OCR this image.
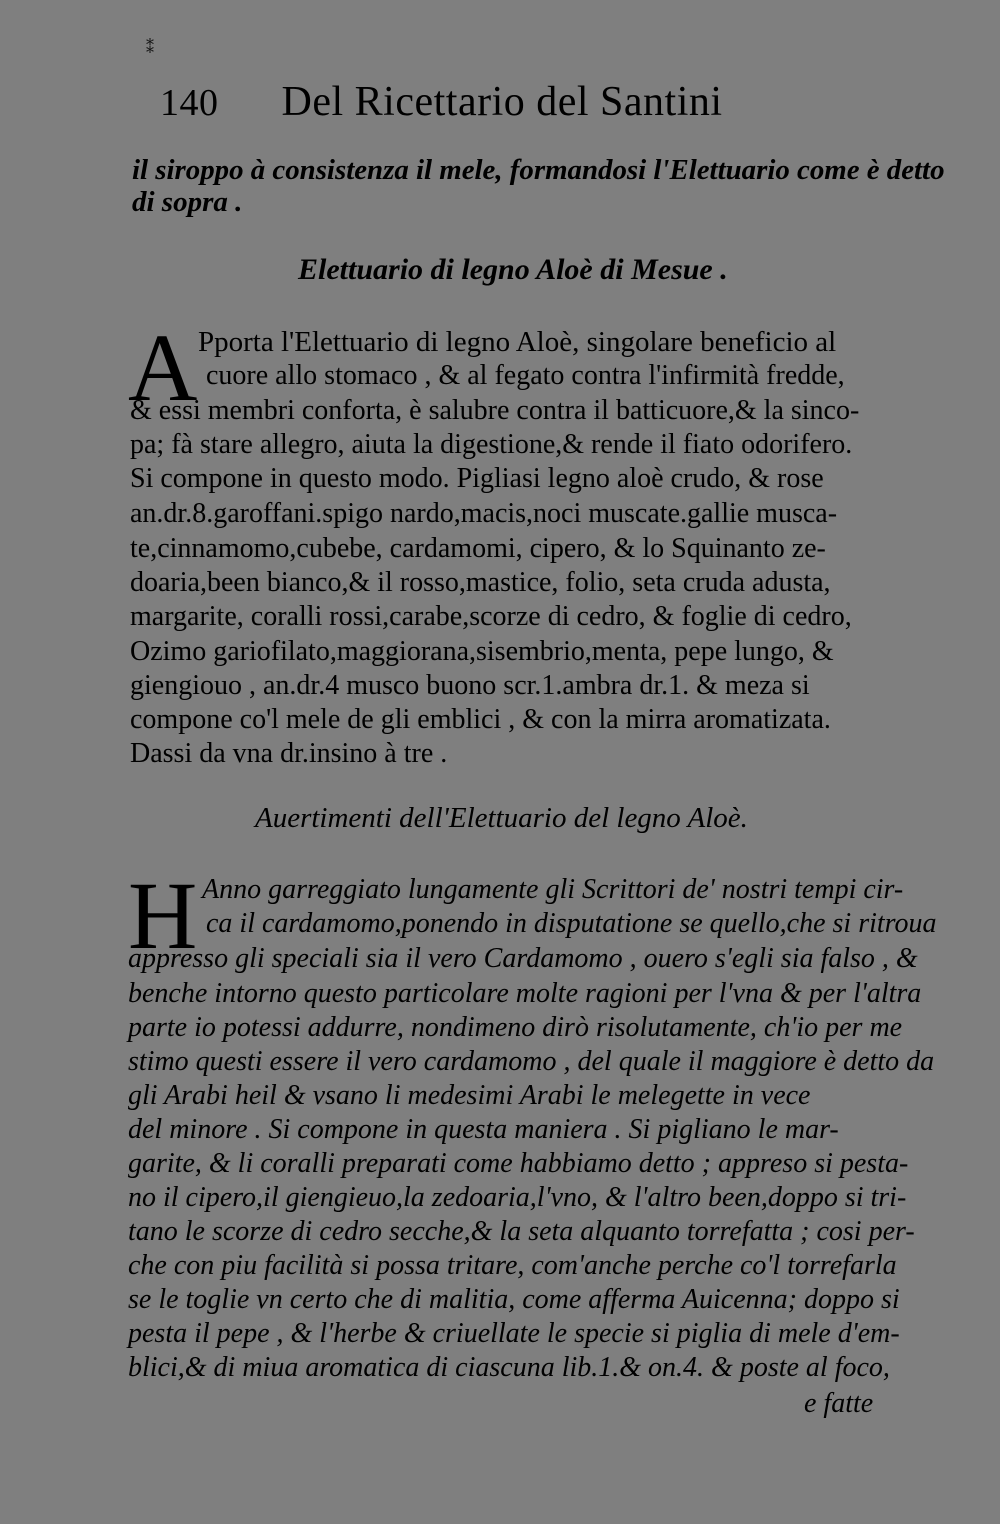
⁑
140 Del Ricettario del Santini
il siroppo à consistenza il mele, formandosi l'Elettuario come è detto
di sopra .
Elettuario di legno Aloè di Mesue .
A Pporta l'Elettuario di legno Aloè, singolare beneficio al
cuore allo stomaco , & al fegato contra l'infirmità fredde,
& essi membri conforta, è salubre contra il batticuore,& la sinco-
pa; fà stare allegro, aiuta la digestione,& rende il fiato odorifero.
Si compone in questo modo. Pigliasi legno aloè crudo, & rose
an.dr.8.garoffani.spigo nardo,macis,noci muscate.gallie musca-
te,cinnamomo,cubebe, cardamomi, cipero, & lo Squinanto zе-
doaria,been bianco,& il rosso,mastice, folio, seta cruda adusta,
margarite, coralli rossi,carabe,scorze di cedro, & foglie di cedro,
Ozimo gariofilato,maggiorana,sisembrio,menta, pepe lungo, &
giengiouo , an.dr.4 musco buono scr.1.ambra dr.1. & meza si
compone co'l mele de gli emblici , & con la mirra aromatizata.
Dassi da vna dr.insino à tre .
Auertimenti dell'Elettuario del legno Aloè.
H Anno garreggiato lungamente gli Scrittori de' nostri tempi cir-
ca il cardamomo,ponendo in disputatione se quello,che si ritroua
appresso gli speciali sia il vero Cardamomo , ouero s'egli sia falso , &
benche intorno questo particolare molte ragioni per l'vna & per l'altra
parte io potessi addurre, nondimeno dirò risolutamente, ch'io per me
stimo questi essere il vero cardamomo , del quale il maggiore è detto da
gli Arabi heil & vsano li medesimi Arabi le melegette in vece
del minore . Si compone in questa maniera . Si pigliano le mar-
garite, & li coralli preparati come habbiamo detto ; appreso si pesta-
no il cipero,il giengieuo,la zedoaria,l'vno, & l'altro been,doppo si tri-
tano le scorze di cedro secche,& la seta alquanto torrefatta ; cosi per-
che con piu facilità si possa tritare, com'anche perche co'l torrefarla
se le toglie vn certo che di malitia, come afferma Auicenna; doppo si
pesta il pepe , & l'herbe & criuellate le specie si piglia di mele d'em-
blici,& di miua aromatica di ciascuna lib.1.& on.4. & poste al foco,
e fatte
